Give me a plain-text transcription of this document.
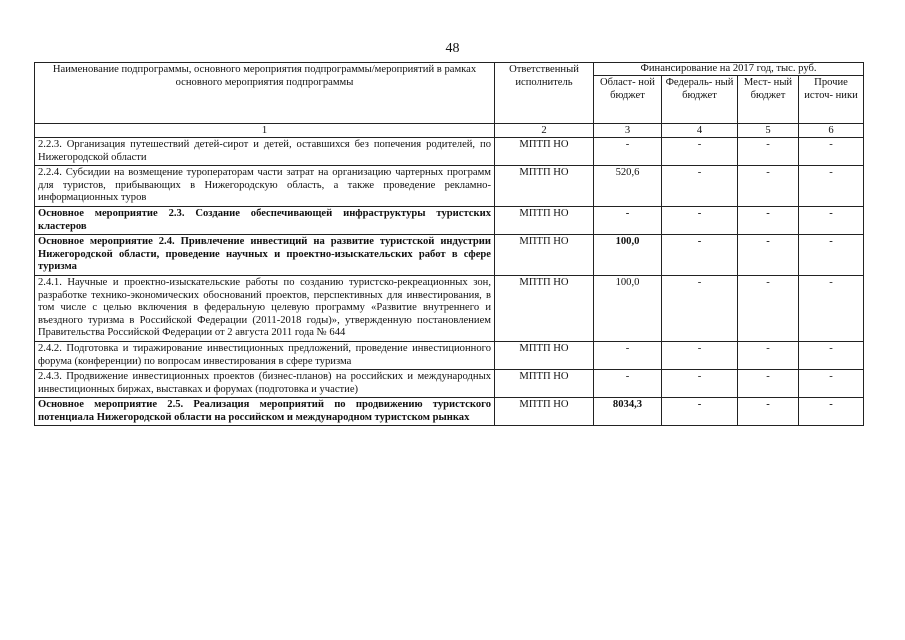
48
Наименование подпрограммы, основного мероприятия подпрограммы/мероприятий в рамках основного мероприятия подпрограммы	Ответственный исполнитель	Финансирование на 2017 год, тыс. руб.			
		Област- ной бюджет	Федераль- ный бюджет	Мест- ный бюджет	Прочие источ- ники
1	2	3	4	5	6
2.2.3. Организация путешествий детей-сирот и детей, оставшихся без попечения родителей, по Нижегородской области	МПТП НО	-	-	-	-
2.2.4. Субсидии на возмещение туроператорам части затрат на организацию чартерных программ для туристов, прибывающих в Нижегородскую область, а также проведение рекламно-информационных туров	МПТП НО	520,6	-	-	-
Основное мероприятие 2.3. Создание обеспечивающей инфраструктуры туристских кластеров	МПТП НО	-	-	-	-
Основное мероприятие 2.4. Привлечение инвестиций на развитие туристской индустрии Нижегородской области, проведение научных и проектно-изыскательских работ в сфере туризма	МПТП НО	100,0	-	-	-
2.4.1. Научные и проектно-изыскательские работы по созданию туристско-рекреационных зон, разработке технико-экономических обоснований проектов, перспективных для инвестирования, в том числе с целью включения в федеральную целевую программу «Развитие внутреннего и въездного туризма в Российской Федерации (2011-2018 годы)», утвержденную постановлением Правительства Российской Федерации от 2 августа 2011 года № 644	МПТП НО	100,0	-	-	-
2.4.2. Подготовка и тиражирование инвестиционных предложений, проведение инвестиционного форума (конференции) по вопросам инвестирования в сфере туризма	МПТП НО	-	-	-	-
2.4.3. Продвижение инвестиционных проектов (бизнес-планов) на российских и международных инвестиционных биржах, выставках и форумах (подготовка и участие)	МПТП НО	-	-	-	-
Основное мероприятие 2.5. Реализация мероприятий по продвижению туристского потенциала Нижегородской области на российском и международном туристском рынках	МПТП НО	8034,3	-	-	-
